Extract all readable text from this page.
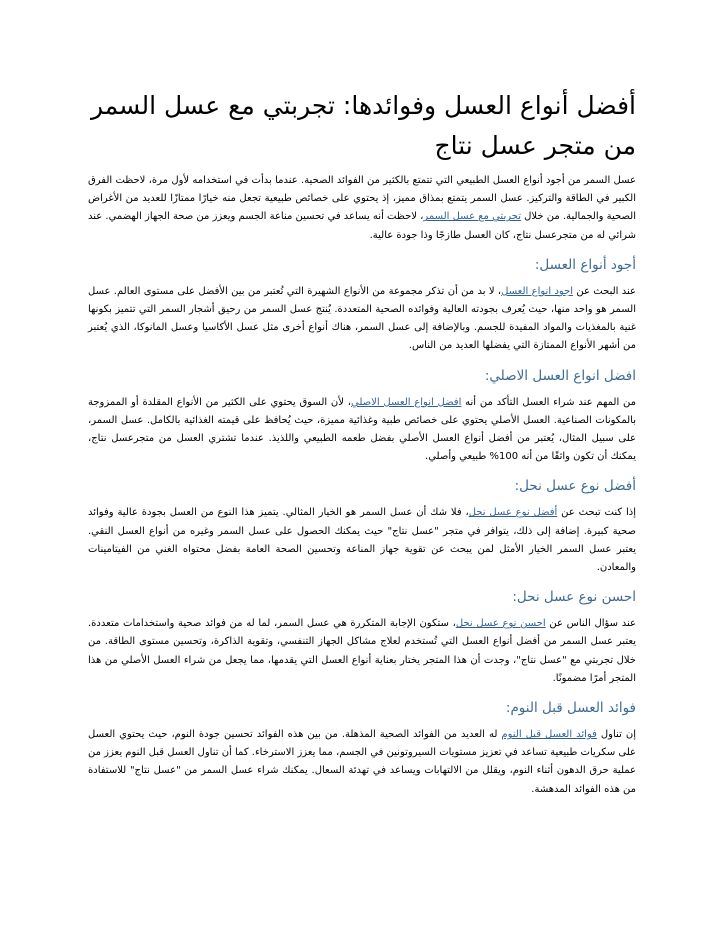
أفضل أنواع العسل وفوائدها: تجربتي مع عسل السمر من متجر عسل نتاج

عسل السمر من أجود أنواع العسل الطبيعي التي تتمتع بالكثير من الفوائد الصحية. عندما بدأت في استخدامه لأول مرة، لاحظت الفرق الكبير في الطاقة والتركيز. عسل السمر يتمتع بمذاق مميز، إذ يحتوي على خصائص طبيعية تجعل منه خيارًا ممتازًا للعديد من الأغراض الصحية والجمالية. من خلال تجربتي مع عسل السمر، لاحظت أنه يساعد في تحسين مناعة الجسم ويعزز من صحة الجهاز الهضمي. عند شرائي له من متجرعسل نتاج، كان العسل طازجًا وذا جودة عالية.

أجود أنواع العسل:

عند البحث عن اجود انواع العسل، لا بد من أن تذكر مجموعة من الأنواع الشهيرة التي تُعتبر من بين الأفضل على مستوى العالم. عسل السمر هو واحد منها، حيث يُعرف بجودته العالية وفوائده الصحية المتعددة. يُنتج عسل السمر من رحيق أشجار السمر التي تتميز بكونها غنية بالمغذيات والمواد المفيدة للجسم. وبالإضافة إلى عسل السمر، هناك أنواع أخرى مثل عسل الأكاسيا وعسل المانوكا، الذي يُعتبر من أشهر الأنواع الممتازة التي يفضلها العديد من الناس.

افضل انواع العسل الاصلي:

من المهم عند شراء العسل التأكد من أنه افضل انواع العسل الاصلي، لأن السوق يحتوي على الكثير من الأنواع المقلدة أو الممزوجة بالمكونات الصناعية. العسل الأصلي يحتوي على خصائص طبية وغذائية مميزة، حيث يُحافظ على قيمته الغذائية بالكامل. عسل السمر، على سبيل المثال، يُعتبر من أفضل أنواع العسل الأصلي بفضل طعمه الطبيعي واللذيذ. عندما تشتري العسل من متجرعسل نتاج، يمكنك أن تكون واثقًا من أنه 100% طبيعي وأصلي.

أفضل نوع عسل نحل:

إذا كنت تبحث عن أفضل نوع عسل نحل، فلا شك أن عسل السمر هو الخيار المثالي. يتميز هذا النوع من العسل بجودة عالية وفوائد صحية كبيرة. إضافة إلى ذلك، يتوافر في متجر "عسل نتاج" حيث يمكنك الحصول على عسل السمر وغيره من أنواع العسل النقي. يعتبر عسل السمر الخيار الأمثل لمن يبحث عن تقوية جهاز المناعة وتحسين الصحة العامة بفضل محتواه الغني من الفيتامينات والمعادن.

احسن نوع عسل نحل:

عند سؤال الناس عن احسن نوع عسل نحل، ستكون الإجابة المتكررة هي عسل السمر، لما له من فوائد صحية واستخدامات متعددة. يعتبر عسل السمر من أفضل أنواع العسل التي تُستخدم لعلاج مشاكل الجهاز التنفسي، وتقوية الذاكرة، وتحسين مستوى الطاقة. من خلال تجربتي مع "عسل نتاج"، وجدت أن هذا المتجر يختار بعناية أنواع العسل التي يقدمها، مما يجعل من شراء العسل الأصلي من هذا المتجر أمرًا مضمونًا.

فوائد العسل قبل النوم:

إن تناول فوائد العسل قبل النوم له العديد من الفوائد الصحية المذهلة. من بين هذه الفوائد تحسين جودة النوم، حيث يحتوي العسل على سكريات طبيعية تساعد في تعزيز مستويات السيروتونين في الجسم، مما يعزز الاسترخاء. كما أن تناول العسل قبل النوم يعزز من عملية حرق الدهون أثناء النوم، ويقلل من الالتهابات ويساعد في تهدئة السعال. يمكنك شراء عسل السمر من "عسل نتاج" للاستفادة من هذه الفوائد المدهشة.
